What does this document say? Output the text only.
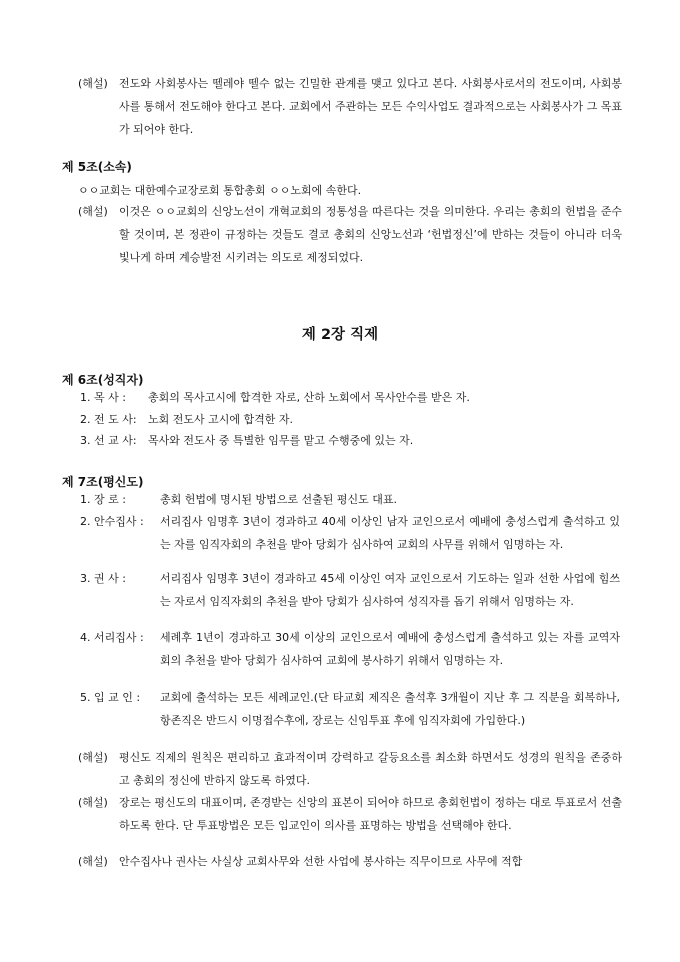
(해설) 전도와 사회봉사는 뗄레야 뗄수 없는 긴밀한 관계를 맺고 있다고 본다. 사회봉사로서의 전도이며, 사회봉사를 통해서 전도해야 한다고 본다. 교회에서 주관하는 모든 수익사업도 결과적으로는 사회봉사가 그 목표가 되어야 한다.

제 5조(소속)

ㅇㅇ교회는 대한예수교장로회 통합총회 ㅇㅇ노회에 속한다.
(해설) 이것은 ㅇㅇ교회의 신앙노선이 개혁교회의 정통성을 따른다는 것을 의미한다. 우리는 총회의 헌법을 준수할 것이며, 본 정관이 규정하는 것들도 결코 총회의 신앙노선과 ‘헌법정신’에 반하는 것들이 아니라 더욱 빛나게 하며 계승발전 시키려는 의도로 제정되었다.

제 2장 직제

제 6조(성직자)

1. 목 사 : 총회의 목사고시에 합격한 자로, 산하 노회에서 목사안수를 받은 자.
2. 전 도 사: 노회 전도사 고시에 합격한 자.
3. 선 교 사: 목사와 전도사 중 특별한 임무를 맡고 수행중에 있는 자.

제 7조(평신도)

1. 장 로 :	총회 헌법에 명시된 방법으로 선출된 평신도 대표.
2. 안수집사 : 서리집사 임명후 3년이 경과하고 40세 이상인 남자 교인으로서 예배에 충성스럽게 출석하고 있는 자를 임직자회의 추천을 받아 당회가 심사하여 교회의 사무를 위해서 임명하는 자.
3. 권 사 :	서리집사 임명후 3년이 경과하고 45세 이상인 여자 교인으로서 기도하는 일과 선한 사업에 힘쓰는 자로서 임직자회의 추천을 받아 당회가 심사하여 성직자를 돕기 위해서 임명하는 자.
4. 서리집사 : 세례후 1년이 경과하고 30세 이상의 교인으로서 예배에 충성스럽게 출석하고 있는 자를 교역자회의 추천을 받아 당회가 심사하여 교회에 봉사하기 위해서 임명하는 자.
5. 입 교 인 : 교회에 출석하는 모든 세례교인.(단 타교회 제직은 출석후 3개월이 지난 후 그 직분을 회복하나, 항존직은 반드시 이명접수후에, 장로는 신임투표 후에 임직자회에 가입한다.)
(해설) 평신도 직제의 원칙은 편리하고 효과적이며 강력하고 갈등요소를 최소화 하면서도 성경의 원칙을 존중하고 총회의 정신에 반하지 않도록 하였다.
(해설) 장로는 평신도의 대표이며, 존경받는 신앙의 표본이 되어야 하므로 총회헌법이 정하는 대로 투표로서 선출하도록 한다. 단 투표방법은 모든 입교인이 의사를 표명하는 방법을 선택해야 한다.
(해설) 안수집사나 권사는 사실상 교회사무와 선한 사업에 봉사하는 직무이므로 사무에 적합
